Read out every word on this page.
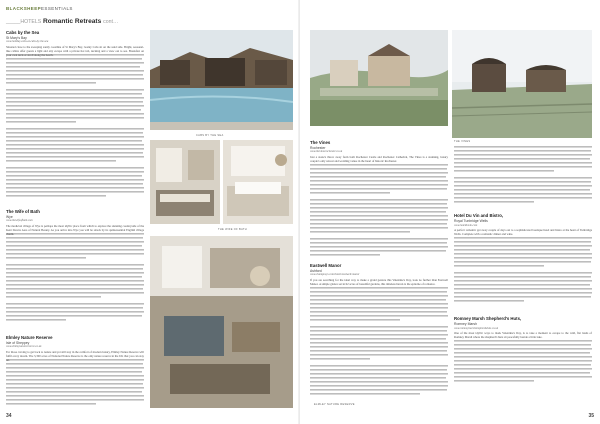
BLACKSHEEPESSENTIALS
_____HOTELS Romantic Retreats cont…
Cabs by the Sea
St Mary's Bay
www.holiday-cabs-at-cabs-by-the-sea
Situated close to the sweeping sandy coastline of St Mary's Bay, twenty Cabs sit on the sand side. Bright, seasonal-like cabins offer guests a light and airy escape with a private hot tub, decking and a view out to sea. Breakfast on your own deck or stroll along the beach.
The Wife of Bath
Wye
www.thewifeofbath.com
The medieval village of Wye is perhaps the most idyllic place from which to explore the stunning countryside of the Kent Downs Area of Natural Beauty. As you arrive into Wye you will be struck by its quintessential English village charm.
Elmley Nature Reserve
Isle of Sheppey
www.elmleynaturereserve.co.uk
For those craving to get back to nature and yet still stay in the comfort of modern luxury, Elmley Nature Reserve will fulfil every dream. The 3,300 acres of National Nature Reserve is the only nature reserve in the UK that you can stay on.
CABS BY THE SEA
THE WIFE OF BATH
34
The Vines
Rochester
www.thevinesrochester.co.uk
Just a stone's throw away from both Rochester Castle and Rochester Cathedral, The Vines is a stunning, luxury couple's only retreat and wedding venue in the heart of historic Rochester.
Eastwell Manor
Ashford
www.champneys.com/hotels/eastwell-manor
If you are searching for the ideal way to make a grand gesture this Valentine's Day, look no further than Eastwell Manor. A simple glance set in 62 acres of beautiful gardens, this timeless haven is the epitome of romance.
THE VINES
Hotel Du Vin and Bistro,
Royal Tunbridge Wells
www.hotelduvin.com
A perfect romantic get away couple of days out to a sophisticated boutique hotel and bistro at the heart of Tunbridge Wells. Complete with a romantic dinner and wine.
Romney Marsh Shepherd's Huts,
Romney Marsh
www.romneymarshshepherdshuts.co.uk
One of the most idyllic ways to mark Valentine's Day, is to take a moment to escape to the wild, flat lands of Romney Marsh where the shepherd's huts sit peacefully beside a little lake.
ELMLEY NATURE RESERVE
35
